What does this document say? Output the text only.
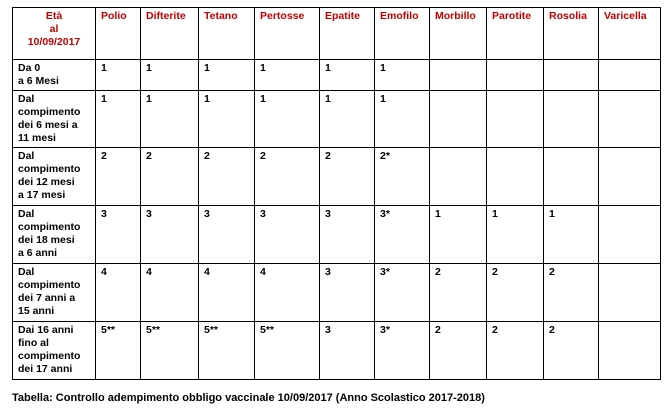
Età
al
10/09/2017	Polio	Difterite	Tetano	Pertosse	Epatite	Emofilo	Morbillo	Parotite	Rosolia	Varicella
Da 0
a 6 Mesi	1	1	1	1	1	1				
Dal
compimento
dei 6 mesi a
11 mesi	1	1	1	1	1	1				
Dal
compimento
dei 12 mesi
a 17 mesi	2	2	2	2	2	2*				
Dal
compimento
dei 18 mesi
a 6 anni	3	3	3	3	3	3*	1	1	1	
Dal
compimento
dei 7 anni a
15 anni	4	4	4	4	3	3*	2	2	2	
Dai 16 anni
fino al
compimento
dei 17 anni	5**	5**	5**	5**	3	3*	2	2	2	
Tabella: Controllo adempimento obbligo vaccinale 10/09/2017 (Anno Scolastico 2017-2018)
